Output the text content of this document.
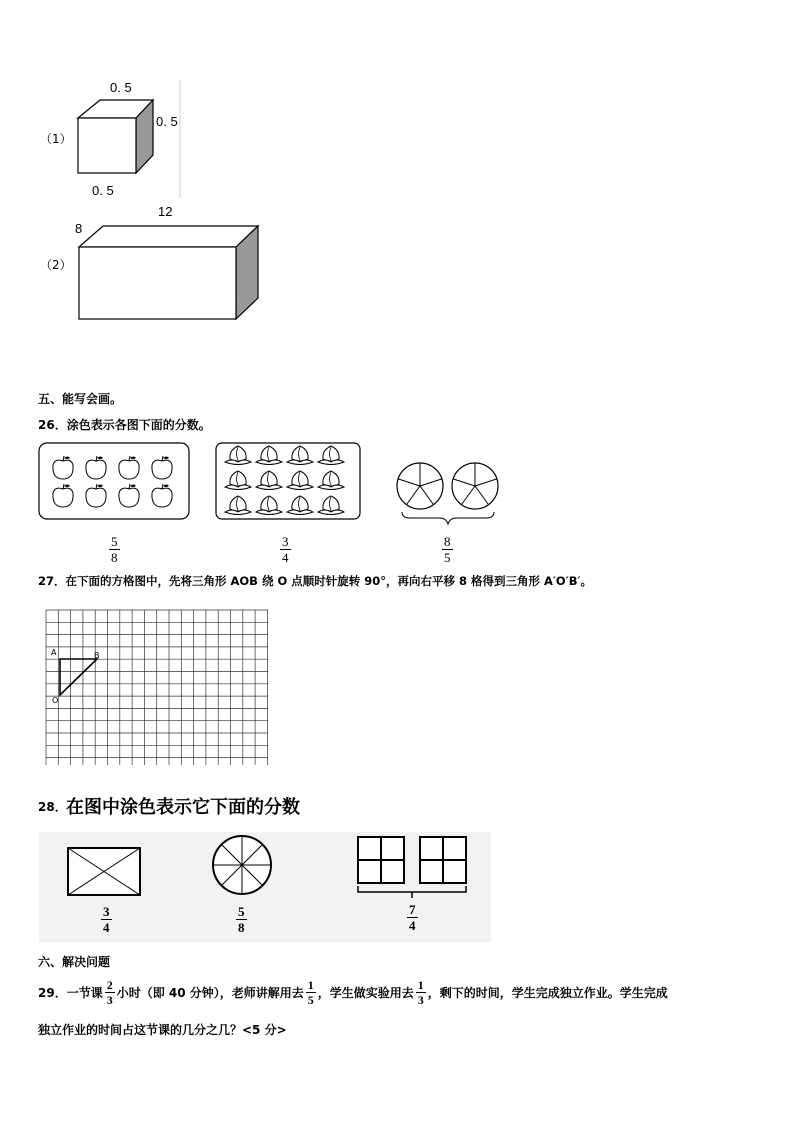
（1）
0. 5
0. 5
0. 5
（2）
12
8
五、能写会画。
26．涂色表示各图下面的分数。
$\frac{5}{8}$	$\frac{3}{4}$	$\frac{8}{5}$
27．在下面的方格图中，先将三角形 AOB 绕 O 点顺时针旋转 90°，再向右平移 8 格得到三角形 A′O′B′。
A	B
O
28． 在图中涂色表示它下面的分数
$\frac{3}{4}$	$\frac{5}{8}$	$\frac{7}{4}$
六、解决问题
29．一节课 $\frac{2}{3}$ 小时（即 40 分钟），老师讲解用去 $\frac{1}{5}$ ，学生做实验用去 $\frac{1}{3}$ ，剩下的时间，学生完成独立作业。学生完成
独立作业的时间占这节课的几分之几？<5 分>
